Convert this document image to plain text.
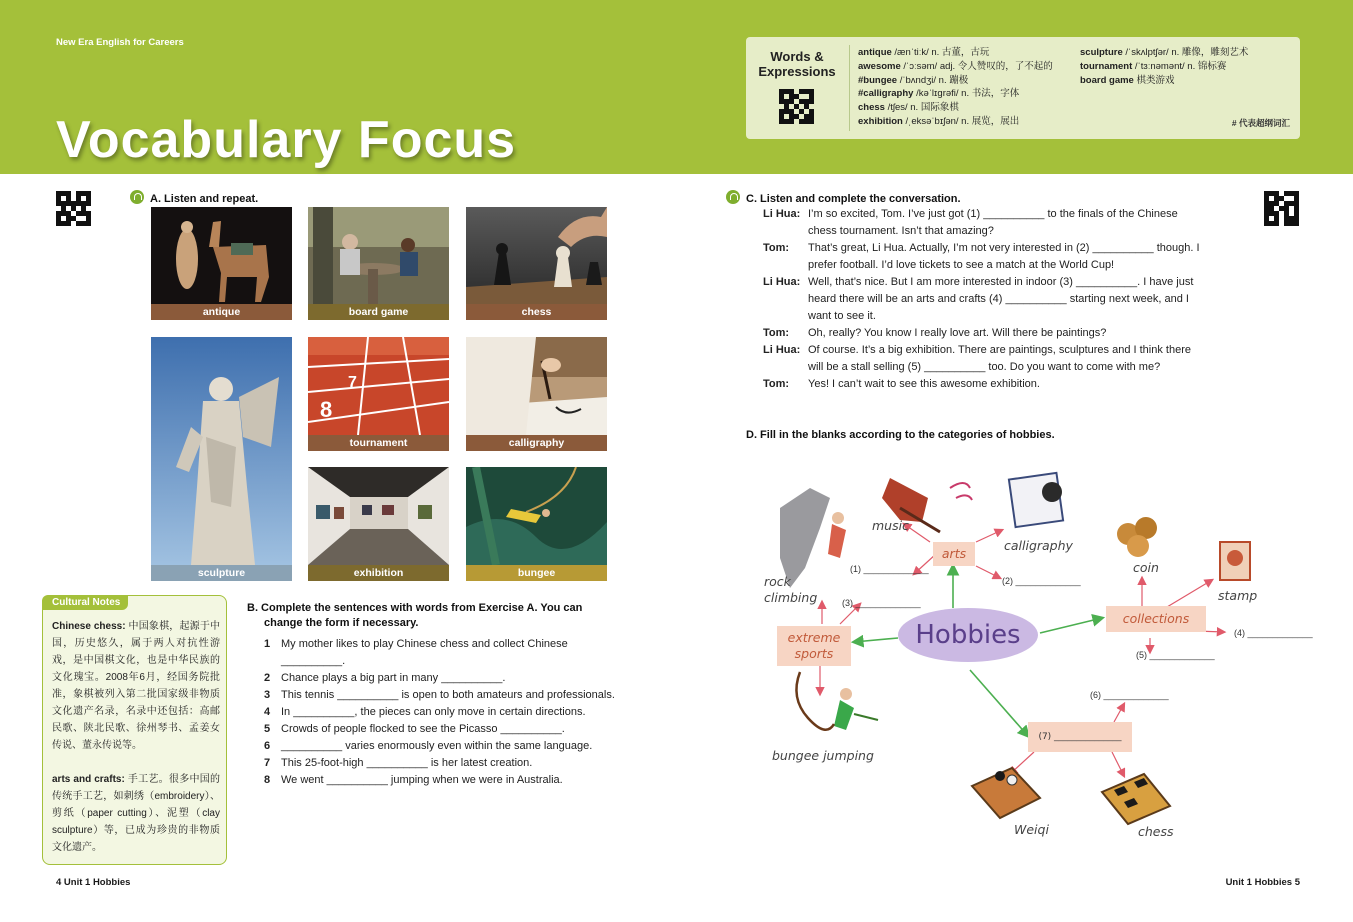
New Era English for Careers
Vocabulary Focus
Words & Expressions
antique /ænˈtiːk/ n. 古董，古玩
awesome /ˈɔːsəm/ adj. 令人赞叹的，了不起的
#bungee /ˈbʌndʒi/ n. 蹦极
#calligraphy /kəˈlɪɡrəfi/ n. 书法，字体
chess /tʃes/ n. 国际象棋
exhibition /ˌeksəˈbɪʃən/ n. 展览，展出
sculpture /ˈskʌlptʃər/ n. 雕像，雕刻艺术
tournament /ˈtɜːnəmənt/ n. 锦标赛
board game 棋类游戏
# 代表超纲词汇
A. Listen and repeat.
antique	board game	chess
sculpture
8
7
tournament	calligraphy
exhibition	bungee
Cultural Notes

Chinese chess: 中国象棋，起源于中国，历史悠久，属于两人对抗性游戏，是中国棋文化，也是中华民族的文化瑰宝。2008年6月，经国务院批准，象棋被列入第二批国家级非物质文化遗产名录，名录中还包括：高邮民歌、陕北民歌、徐州琴书、孟姜女传说、董永传说等。

arts and crafts: 手工艺。很多中国的传统手工艺，如刺绣（embroidery）、剪纸（paper cutting）、泥塑（clay sculpture）等，已成为珍贵的非物质文化遗产。

B. Complete the sentences with words from Exercise A. You can
change the form if necessary.
1 My mother likes to play Chinese chess and collect Chinese __________.
2 Chance plays a big part in many __________.
3 This tennis __________ is open to both amateurs and professionals.
4 In __________, the pieces can only move in certain directions.
5 Crowds of people flocked to see the Picasso __________.
6 __________ varies enormously even within the same language.
7 This 25-foot-high __________ is her latest creation.
8 We went __________ jumping when we were in Australia.
C. Listen and complete the conversation.
Li Hua: I’m so excited, Tom. I’ve just got (1) __________ to the finals of the Chinese chess tournament. Isn’t that amazing?
Tom:	That’s great, Li Hua. Actually, I’m not very interested in (2) __________ though. I prefer football. I’d love tickets to see a match at the World Cup!
Li Hua: Well, that’s nice. But I am more interested in indoor (3) __________. I have just heard there will be an arts and crafts (4) __________ starting next week, and I want to see it.
Tom:	Oh, really? You know I really love art. Will there be paintings?
Li Hua: Of course. It’s a big exhibition. There are paintings, sculptures and I think there will be a stall selling (5) __________ too. Do you want to come with me?
Tom:	Yes! I can’t wait to see this awesome exhibition.
D. Fill in the blanks according to the categories of hobbies.
Hobbies
arts
collections
extreme sports
(7) _______________
music
calligraphy
coin
stamp
rock climbing
bungee jumping
Weiqi	chess
(1) _____________
(2) _____________
(3) _____________
(4) _____________
(5) _____________
(6) _____________
4 Unit 1 Hobbies	Unit 1 Hobbies 5
